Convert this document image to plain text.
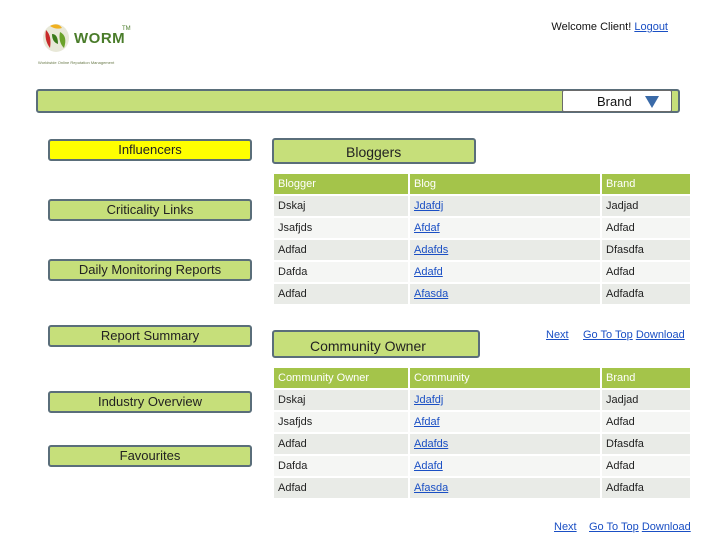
WORM
TM
Worldwide Online Reputation Management
Welcome Client! Logout
Brand
Influencers
Criticality Links
Daily Monitoring Reports
Report Summary
Industry Overview
Favourites
Bloggers
Blogger	Blog	Brand
Dskaj	Jdafdj	Jadjad
Jsafjds	Afdaf	Adfad
Adfad	Adafds	Dfasdfa
Dafda	Adafd	Adfad
Adfad	Afasda	Adfadfa
Next Go To Top Download
Community Owner
Community Owner	Community	Brand
Dskaj	Jdafdj	Jadjad
Jsafjds	Afdaf	Adfad
Adfad	Adafds	Dfasdfa
Dafda	Adafd	Adfad
Adfad	Afasda	Adfadfa
Next Go To Top Download
